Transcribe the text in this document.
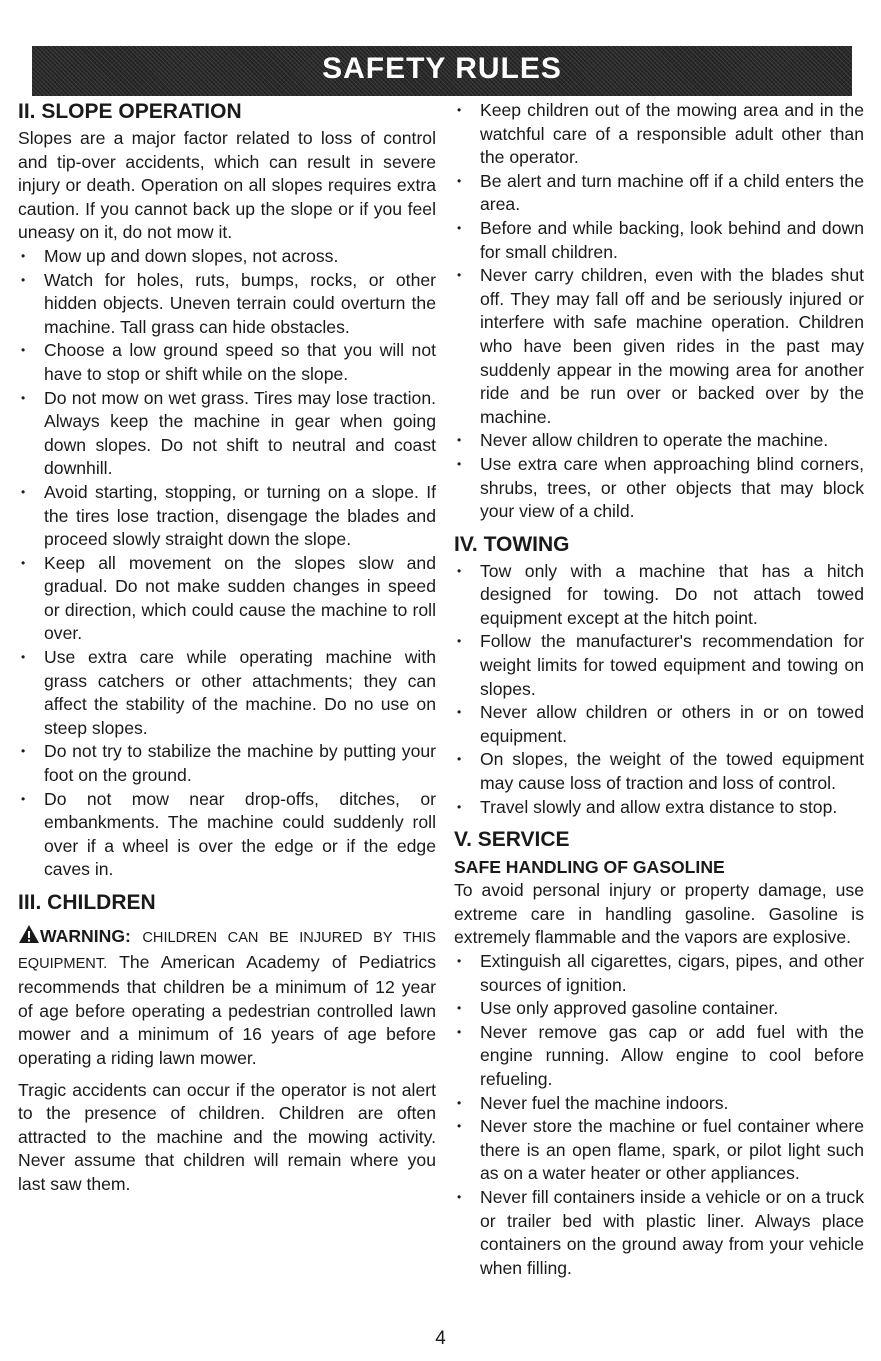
SAFETY RULES
II. SLOPE OPERATION

Slopes are a major factor related to loss of control and tip-over accidents, which can result in severe injury or death. Operation on all slopes requires extra caution. If you cannot back up the slope or if you feel uneasy on it, do not mow it.

• Mow up and down slopes, not across.
• Watch for holes, ruts, bumps, rocks, or other hidden objects. Uneven terrain could overturn the machine. Tall grass can hide obstacles.
• Choose a low ground speed so that you will not have to stop or shift while on the slope.
• Do not mow on wet grass. Tires may lose traction. Always keep the machine in gear when going down slopes. Do not shift to neutral and coast downhill.
• Avoid starting, stopping, or turning on a slope. If the tires lose traction, disengage the blades and proceed slowly straight down the slope.
• Keep all movement on the slopes slow and gradual. Do not make sudden changes in speed or direction, which could cause the machine to roll over.
• Use extra care while operating machine with grass catchers or other attachments; they can affect the stability of the machine. Do no use on steep slopes.
• Do not try to stabilize the machine by putting your foot on the ground.
• Do not mow near drop-offs, ditches, or embankments. The machine could suddenly roll over if a wheel is over the edge or if the edge caves in.
III. CHILDREN

WARNING: CHILDREN CAN BE INJURED BY THIS EQUIPMENT. The American Academy of Pediatrics recommends that children be a minimum of 12 year of age before operating a pedestrian controlled lawn mower and a minimum of 16 years of age before operating a riding lawn mower.

Tragic accidents can occur if the operator is not alert to the presence of children. Children are often attracted to the machine and the mowing activity. Never assume that children will remain where you last saw them.

• Keep children out of the mowing area and in the watchful care of a responsible adult other than the operator.
• Be alert and turn machine off if a child enters the area.
• Before and while backing, look behind and down for small children.
• Never carry children, even with the blades shut off. They may fall off and be seriously injured or interfere with safe machine operation. Children who have been given rides in the past may suddenly appear in the mowing area for another ride and be run over or backed over by the machine.
• Never allow children to operate the machine.
• Use extra care when approaching blind corners, shrubs, trees, or other objects that may block your view of a child.
IV. TOWING
• Tow only with a machine that has a hitch designed for towing. Do not attach towed equipment except at the hitch point.
• Follow the manufacturer's recommendation for weight limits for towed equipment and towing on slopes.
• Never allow children or others in or on towed equipment.
• On slopes, the weight of the towed equipment may cause loss of traction and loss of control.
• Travel slowly and allow extra distance to stop.
V. SERVICE
SAFE HANDLING OF GASOLINE

To avoid personal injury or property damage, use extreme care in handling gasoline. Gasoline is extremely flammable and the vapors are explosive.

• Extinguish all cigarettes, cigars, pipes, and other sources of ignition.
• Use only approved gasoline container.
• Never remove gas cap or add fuel with the engine running. Allow engine to cool before refueling.
• Never fuel the machine indoors.
• Never store the machine or fuel container where there is an open flame, spark, or pilot light such as on a water heater or other appliances.
• Never fill containers inside a vehicle or on a truck or trailer bed with plastic liner. Always place containers on the ground away from your vehicle when filling.
4
